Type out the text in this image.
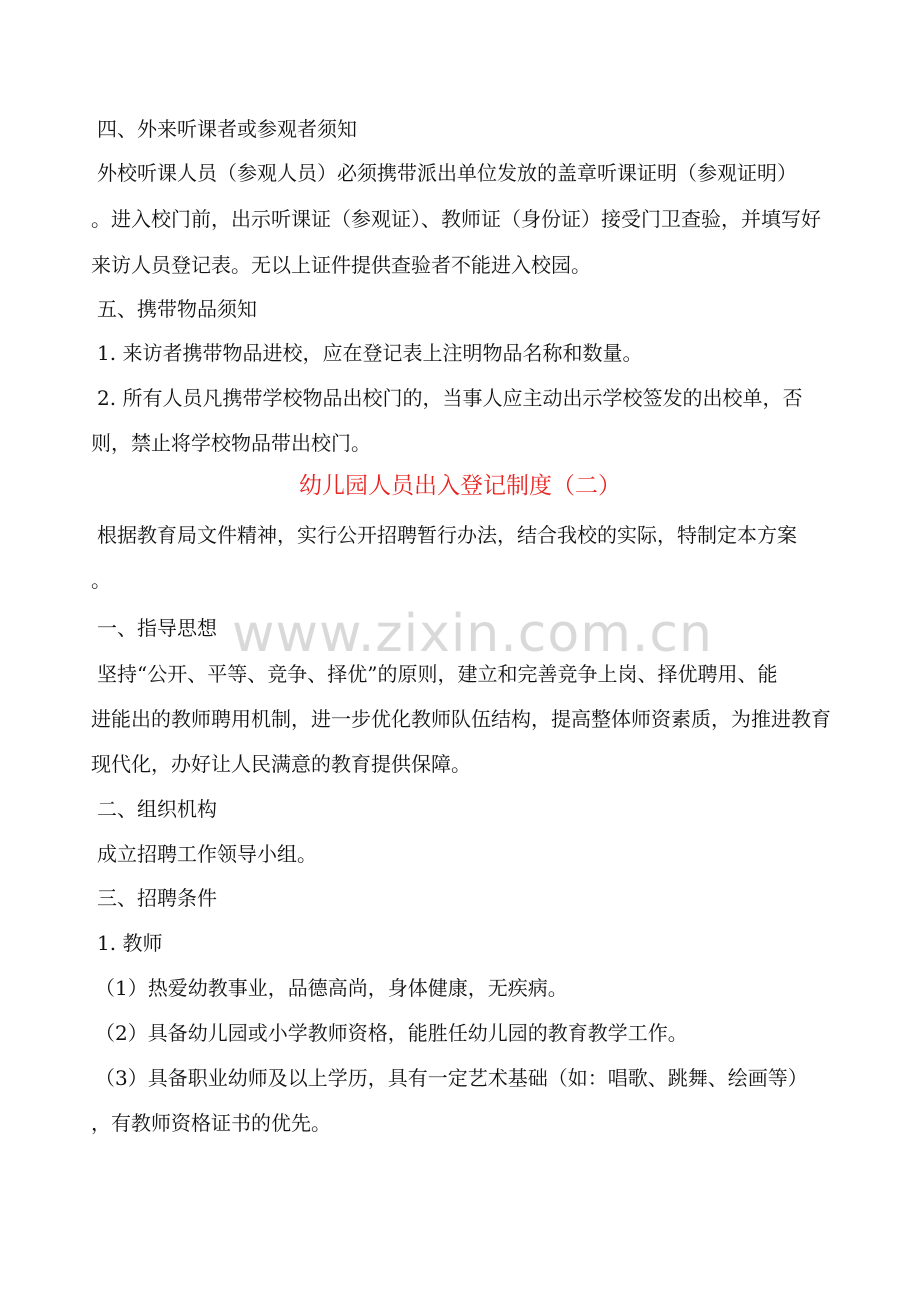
四、外来听课者或参观者须知
外校听课人员（参观人员）必须携带派出单位发放的盖章听课证明（参观证明）
。进入校门前，出示听课证（参观证）、教师证（身份证）接受门卫查验，并填写好
来访人员登记表。无以上证件提供查验者不能进入校园。
五、携带物品须知
1. 来访者携带物品进校，应在登记表上注明物品名称和数量。
2. 所有人员凡携带学校物品出校门的，当事人应主动出示学校签发的出校单，否
则，禁止将学校物品带出校门。
幼儿园人员出入登记制度（二）
根据教育局文件精神，实行公开招聘暂行办法，结合我校的实际，特制定本方案
。
www.zixin.com.cn
一、指导思想
坚持“公开、平等、竞争、择优”的原则，建立和完善竞争上岗、择优聘用、能
进能出的教师聘用机制，进一步优化教师队伍结构，提高整体师资素质，为推进教育
现代化，办好让人民满意的教育提供保障。
二、组织机构
成立招聘工作领导小组。
三、招聘条件
1. 教师
（1）热爱幼教事业，品德高尚，身体健康，无疾病。
（2）具备幼儿园或小学教师资格，能胜任幼儿园的教育教学工作。
（3）具备职业幼师及以上学历，具有一定艺术基础（如：唱歌、跳舞、绘画等）
，有教师资格证书的优先。
